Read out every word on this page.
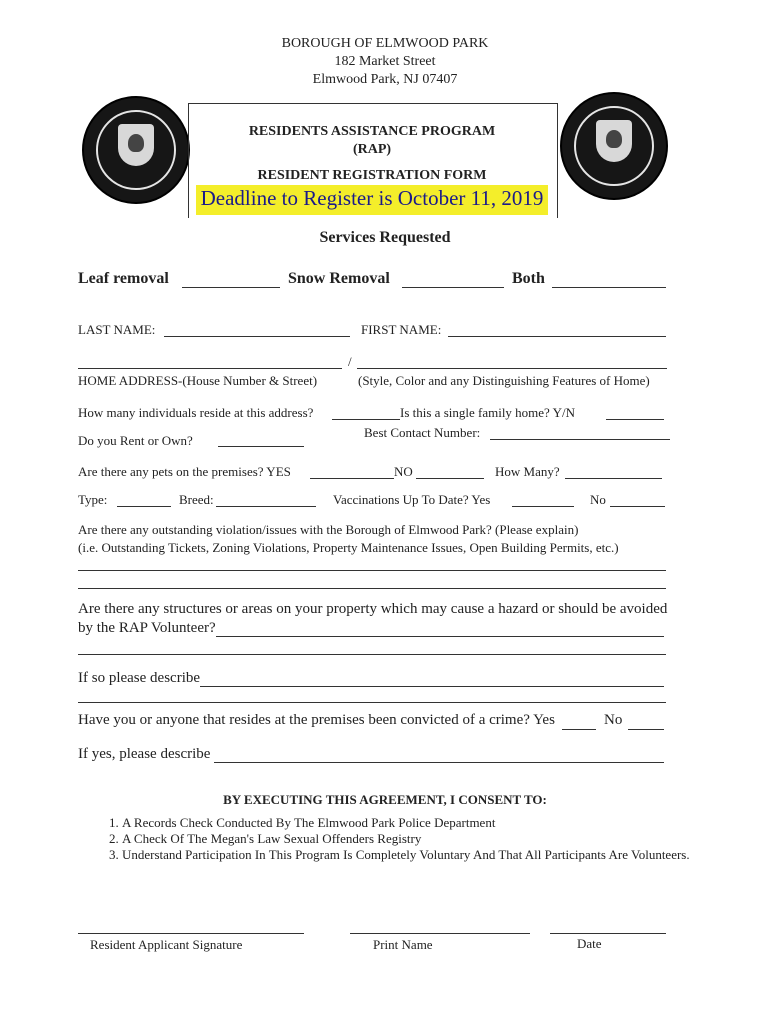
BOROUGH OF ELMWOOD PARK
182 Market Street
Elmwood Park, NJ 07407
RESIDENTS ASSISTANCE PROGRAM
(RAP)
RESIDENT REGISTRATION FORM
Deadline to Register is October 11, 2019
Services Requested
Leaf removal	Snow Removal	Both
LAST NAME:	FIRST NAME:
/
HOME ADDRESS-(House Number & Street)	(Style, Color and any Distinguishing Features of Home)
How many individuals reside at this address?	Is this a single family home? Y/N
Best Contact Number:
Do you Rent or Own?
Are there any pets on the premises? YES	NO	How Many?
Type:	Breed:	Vaccinations Up To Date? Yes	No
Are there any outstanding violation/issues with the Borough of Elmwood Park? (Please explain)
(i.e. Outstanding Tickets, Zoning Violations, Property Maintenance Issues, Open Building Permits, etc.)
Are there any structures or areas on your property which may cause a hazard or should be avoided
by the RAP Volunteer?
If so please describe
Have you or anyone that resides at the premises been convicted of a crime? Yes	No
If yes, please describe
BY EXECUTING THIS AGREEMENT, I CONSENT TO:
1. A Records Check Conducted By The Elmwood Park Police Department
2. A Check Of The Megan's Law Sexual Offenders Registry
3. Understand Participation In This Program Is Completely Voluntary And That All Participants Are Volunteers.
Resident Applicant Signature	Print Name	Date
